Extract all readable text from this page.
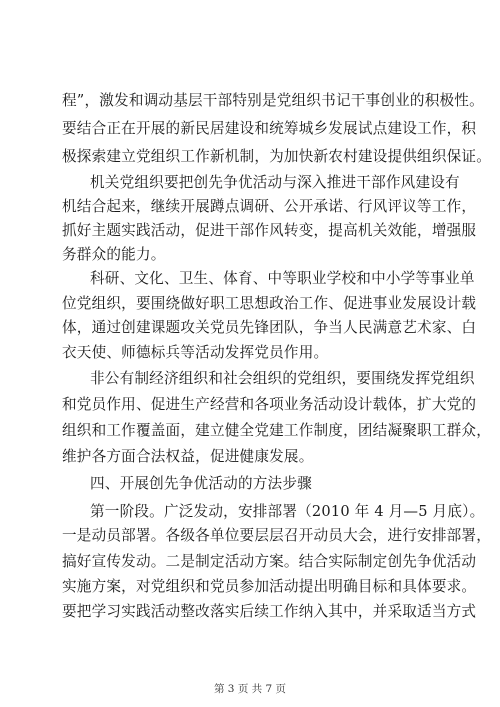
程”，激发和调动基层干部特别是党组织书记干事创业的积极性。
要结合正在开展的新民居建设和统筹城乡发展试点建设工作，积
极探索建立党组织工作新机制，为加快新农村建设提供组织保证。
机关党组织要把创先争优活动与深入推进干部作风建设有
机结合起来，继续开展蹲点调研、公开承诺、行风评议等工作，
抓好主题实践活动，促进干部作风转变，提高机关效能，增强服
务群众的能力。
科研、文化、卫生、体育、中等职业学校和中小学等事业单
位党组织，要围绕做好职工思想政治工作、促进事业发展设计载
体，通过创建课题攻关党员先锋团队，争当人民满意艺术家、白
衣天使、师德标兵等活动发挥党员作用。
非公有制经济组织和社会组织的党组织，要围绕发挥党组织
和党员作用、促进生产经营和各项业务活动设计载体，扩大党的
组织和工作覆盖面，建立健全党建工作制度，团结凝聚职工群众，
维护各方面合法权益，促进健康发展。
四、开展创先争优活动的方法步骤
第一阶段。广泛发动，安排部署（2010 年 4 月—5 月底）。
一是动员部署。各级各单位要层层召开动员大会，进行安排部署，
搞好宣传发动。二是制定活动方案。结合实际制定创先争优活动
实施方案，对党组织和党员参加活动提出明确目标和具体要求。
要把学习实践活动整改落实后续工作纳入其中，并采取适当方式
第 3 页 共 7 页
